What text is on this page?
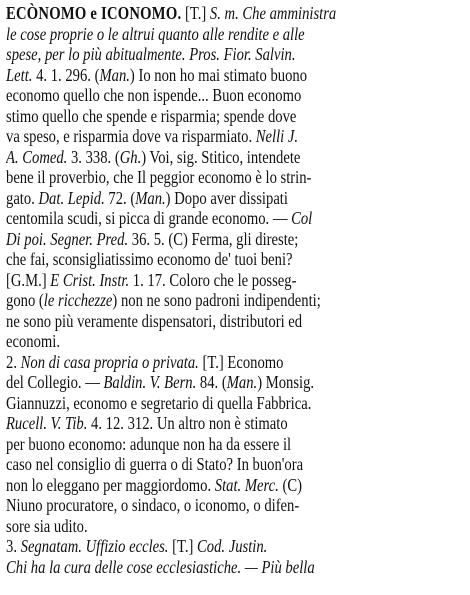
ECÒNOMO e ICONOMO. [T.] S. m. Che amministra
le cose proprie o le altrui quanto alle rendite e alle
spese, per lo più abitualmente. Pros. Fior. Salvin.
Lett. 4. 1. 296. (Man.) Io non ho mai stimato buono
economo quello che non ispende... Buon economo
stimo quello che spende e risparmia; spende dove
va speso, e risparmia dove va risparmiato. Nelli J.
A. Comed. 3. 338. (Gh.) Voi, sig. Stitico, intendete
bene il proverbio, che Il peggior economo è lo strin-
gato. Dat. Lepid. 72. (Man.) Dopo aver dissipati
centomila scudi, si picca di grande economo. — Col
Di poi. Segner. Pred. 36. 5. (C) Ferma, gli direste;
che fai, sconsigliatissimo economo de' tuoi beni?
[G.M.] E Crist. Instr. 1. 17. Coloro che le posseg-
gono (le ricchezze) non ne sono padroni indipendenti;
ne sono più veramente dispensatori, distributori ed
economi.
2. Non di casa propria o privata. [T.] Economo
del Collegio. — Baldin. V. Bern. 84. (Man.) Monsig.
Giannuzzi, economo e segretario di quella Fabbrica.
Rucell. V. Tib. 4. 12. 312. Un altro non è stimato
per buono economo: adunque non ha da essere il
caso nel consiglio di guerra o di Stato? In buon'ora
non lo eleggano per maggiordomo. Stat. Merc. (C)
Niuno procuratore, o sindaco, o iconomo, o difen-
sore sia udito.
3. Segnatam. Uffizio eccles. [T.] Cod. Justin.
Chi ha la cura delle cose ecclesiastiche. — Più bella
